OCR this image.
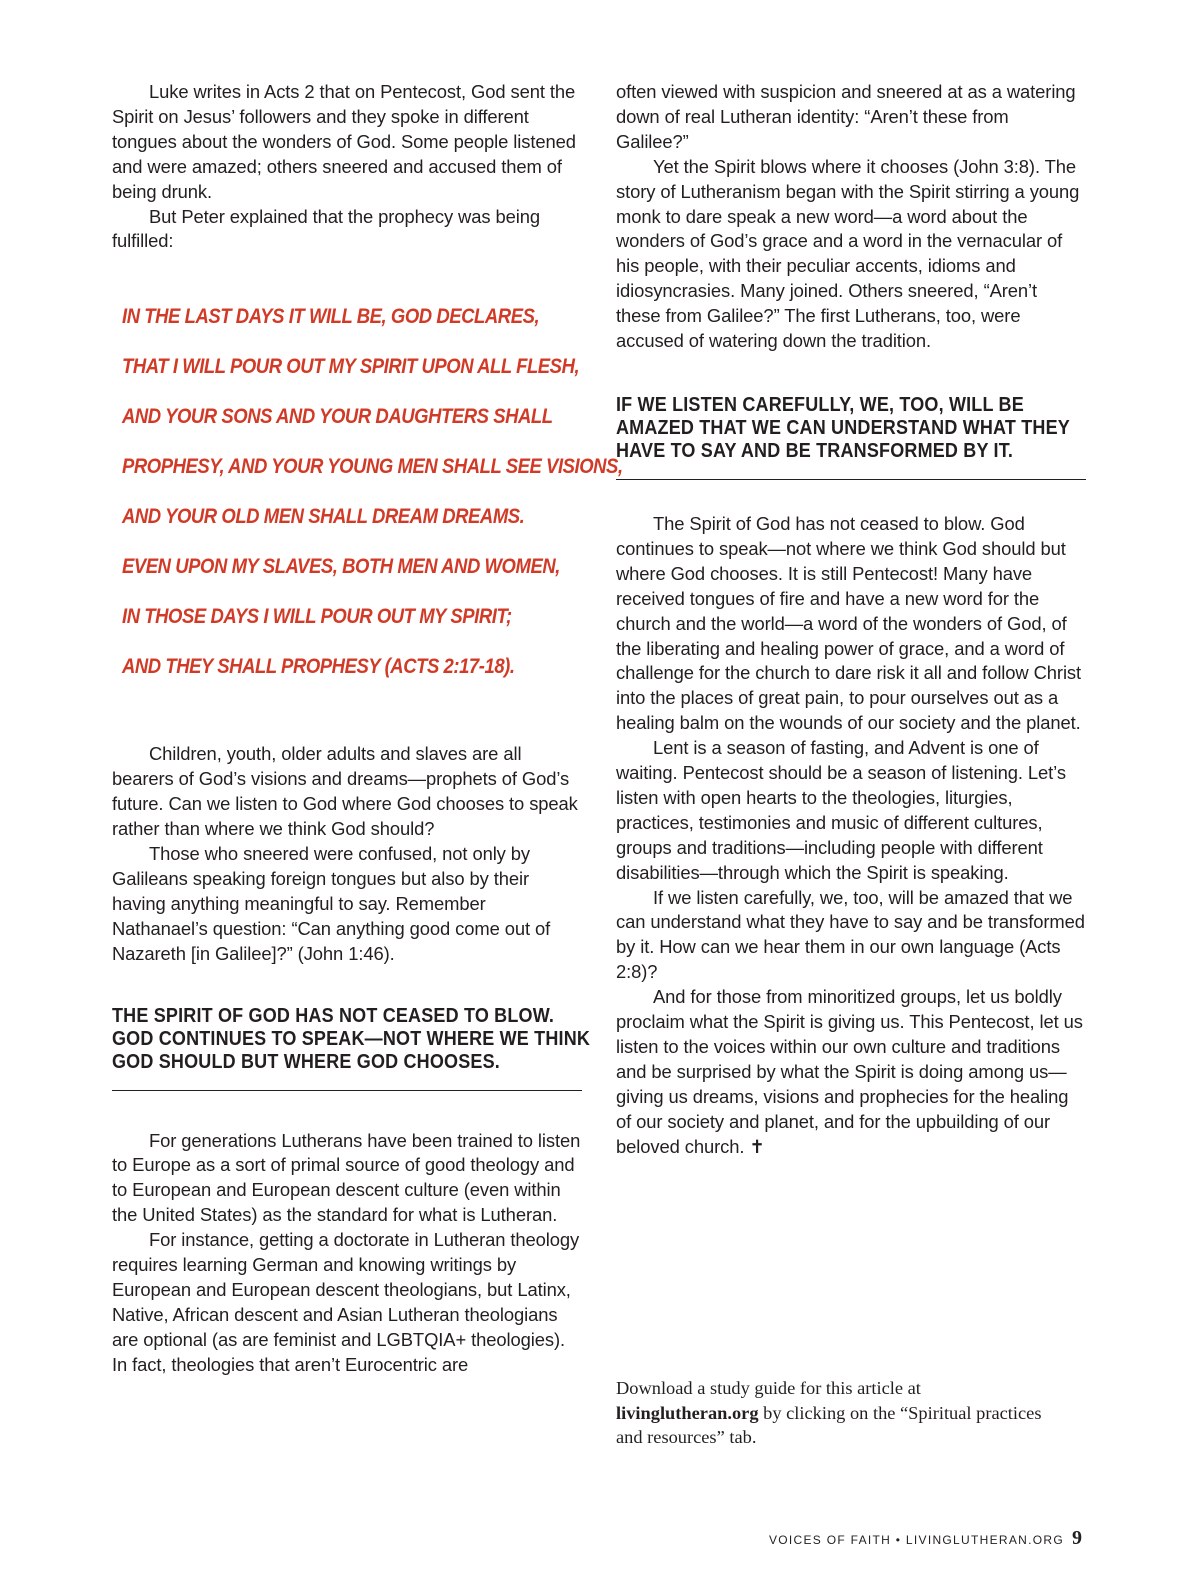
Luke writes in Acts 2 that on Pentecost, God sent the Spirit on Jesus’ followers and they spoke in different tongues about the wonders of God. Some people listened and were amazed; others sneered and accused them of being drunk.

But Peter explained that the prophecy was being fulfilled:

IN THE LAST DAYS IT WILL BE, GOD DECLARES,
THAT I WILL POUR OUT MY SPIRIT UPON ALL FLESH,
AND YOUR SONS AND YOUR DAUGHTERS SHALL
PROPHESY, AND YOUR YOUNG MEN SHALL SEE VISIONS,
AND YOUR OLD MEN SHALL DREAM DREAMS.
EVEN UPON MY SLAVES, BOTH MEN AND WOMEN,
IN THOSE DAYS I WILL POUR OUT MY SPIRIT;
AND THEY SHALL PROPHESY (ACTS 2:17-18).

Children, youth, older adults and slaves are all bearers of God’s visions and dreams—prophets of God’s future. Can we listen to God where God chooses to speak rather than where we think God should?

Those who sneered were confused, not only by Galileans speaking foreign tongues but also by their having anything meaningful to say. Remember Nathanael’s question: “Can anything good come out of Nazareth [in Galilee]?” (John 1:46).

THE SPIRIT OF GOD HAS NOT CEASED TO BLOW.
GOD CONTINUES TO SPEAK—NOT WHERE WE THINK
GOD SHOULD BUT WHERE GOD CHOOSES.

For generations Lutherans have been trained to listen to Europe as a sort of primal source of good theology and to European and European descent culture (even within the United States) as the standard for what is Lutheran.

For instance, getting a doctorate in Lutheran theology requires learning German and knowing writings by European and European descent theologians, but Latinx, Native, African descent and Asian Lutheran theologians are optional (as are feminist and LGBTQIA+ theologies). In fact, theologies that aren’t Eurocentric are

often viewed with suspicion and sneered at as a watering down of real Lutheran identity: “Aren’t these from Galilee?”

Yet the Spirit blows where it chooses (John 3:8). The story of Lutheranism began with the Spirit stirring a young monk to dare speak a new word—a word about the wonders of God’s grace and a word in the vernacular of his people, with their peculiar accents, idioms and idiosyncrasies. Many joined. Others sneered, “Aren’t these from Galilee?” The first Lutherans, too, were accused of watering down the tradition.

IF WE LISTEN CAREFULLY, WE, TOO, WILL BE
AMAZED THAT WE CAN UNDERSTAND WHAT THEY
HAVE TO SAY AND BE TRANSFORMED BY IT.

The Spirit of God has not ceased to blow. God continues to speak—not where we think God should but where God chooses. It is still Pentecost! Many have received tongues of fire and have a new word for the church and the world—a word of the wonders of God, of the liberating and healing power of grace, and a word of challenge for the church to dare risk it all and follow Christ into the places of great pain, to pour ourselves out as a healing balm on the wounds of our society and the planet.

Lent is a season of fasting, and Advent is one of waiting. Pentecost should be a season of listening. Let’s listen with open hearts to the theologies, liturgies, practices, testimonies and music of different cultures, groups and traditions—including people with different disabilities—through which the Spirit is speaking.

If we listen carefully, we, too, will be amazed that we can understand what they have to say and be transformed by it. How can we hear them in our own language (Acts 2:8)?

And for those from minoritized groups, let us boldly proclaim what the Spirit is giving us. This Pentecost, let us listen to the voices within our own culture and traditions and be surprised by what the Spirit is doing among us—giving us dreams, visions and prophecies for the healing of our society and planet, and for the upbuilding of our beloved church. ✝

Download a study guide for this article at livinglutheran.org by clicking on the “Spiritual practices and resources” tab.
VOICES OF FAITH • LIVINGLUTHERAN.ORG 9
